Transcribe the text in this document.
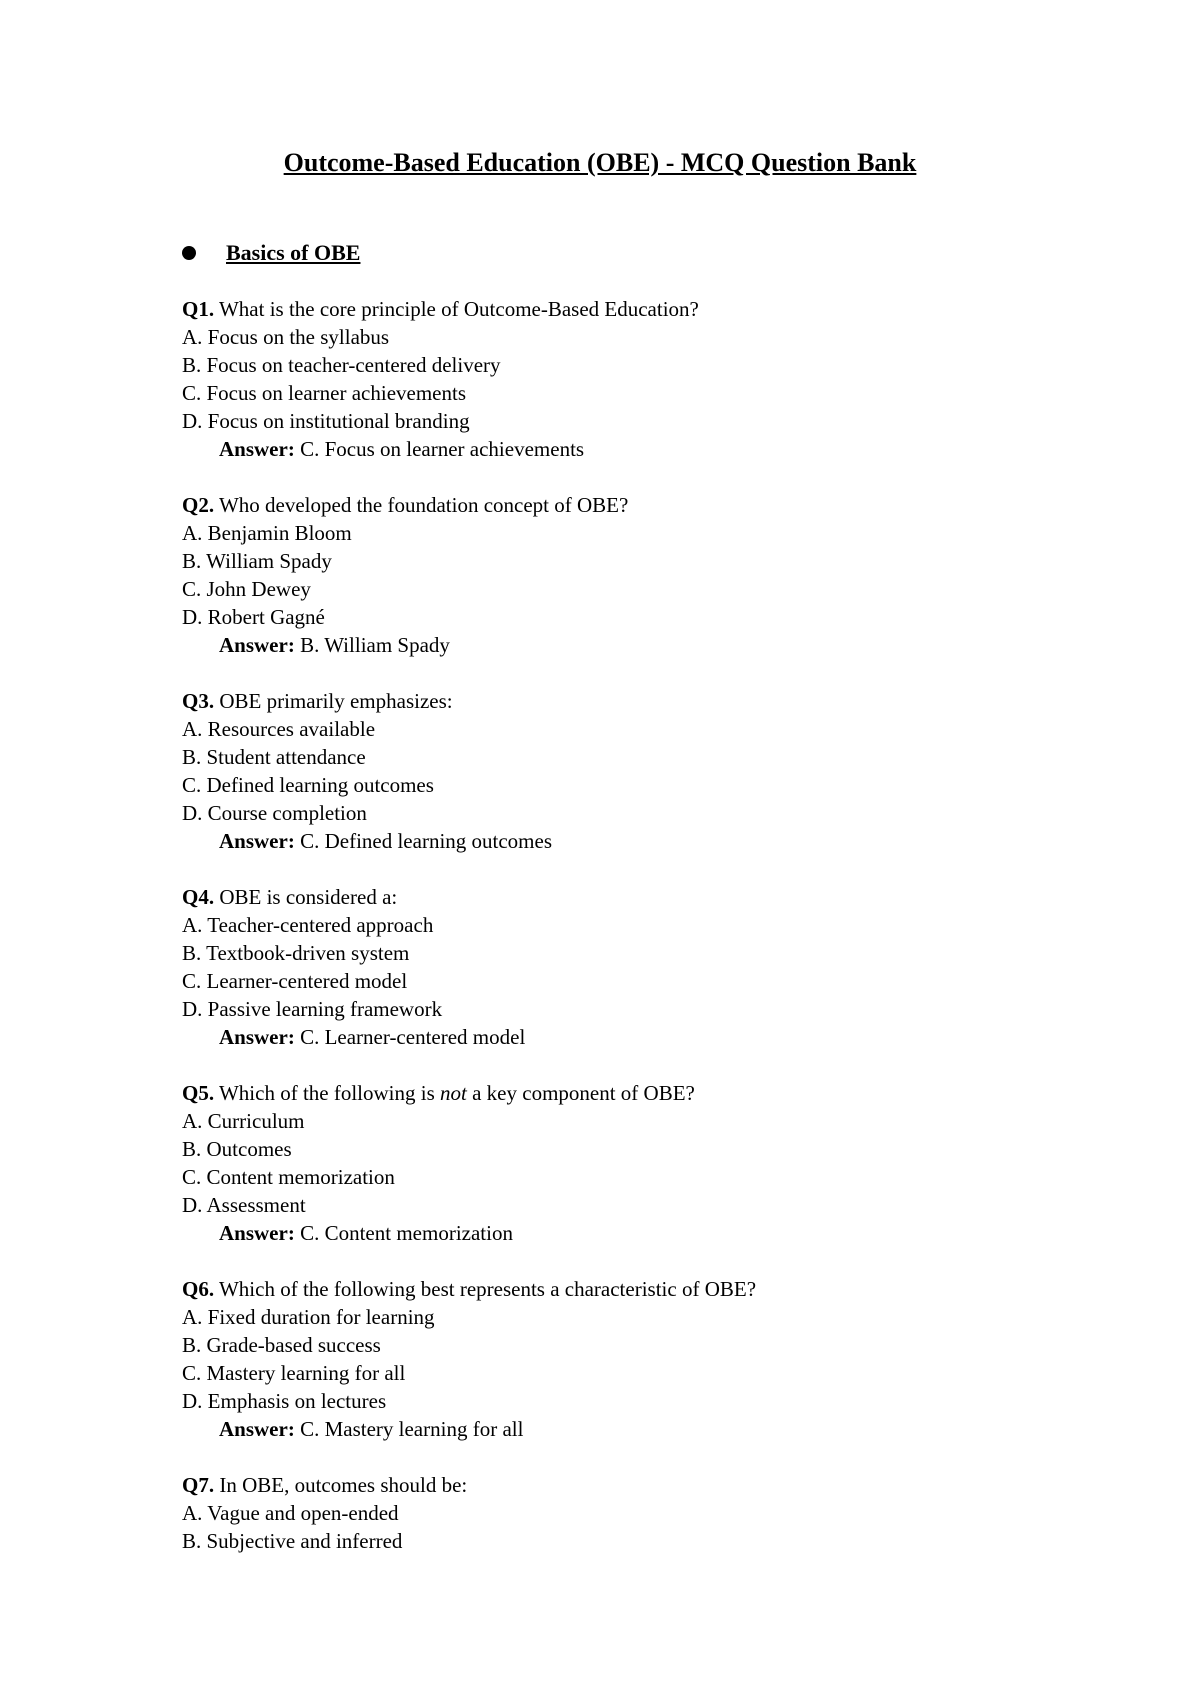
Outcome-Based Education (OBE) - MCQ Question Bank
Basics of OBE

Q1. What is the core principle of Outcome-Based Education?

A. Focus on the syllabus

B. Focus on teacher-centered delivery

C. Focus on learner achievements

D. Focus on institutional branding

Answer: C. Focus on learner achievements

Q2. Who developed the foundation concept of OBE?

A. Benjamin Bloom

B. William Spady

C. John Dewey

D. Robert Gagné

Answer: B. William Spady

Q3. OBE primarily emphasizes:

A. Resources available

B. Student attendance

C. Defined learning outcomes

D. Course completion

Answer: C. Defined learning outcomes

Q4. OBE is considered a:

A. Teacher-centered approach

B. Textbook-driven system

C. Learner-centered model

D. Passive learning framework

Answer: C. Learner-centered model

Q5. Which of the following is not a key component of OBE?

A. Curriculum

B. Outcomes

C. Content memorization

D. Assessment

Answer: C. Content memorization

Q6. Which of the following best represents a characteristic of OBE?

A. Fixed duration for learning

B. Grade-based success

C. Mastery learning for all

D. Emphasis on lectures

Answer: C. Mastery learning for all

Q7. In OBE, outcomes should be:

A. Vague and open-ended

B. Subjective and inferred
